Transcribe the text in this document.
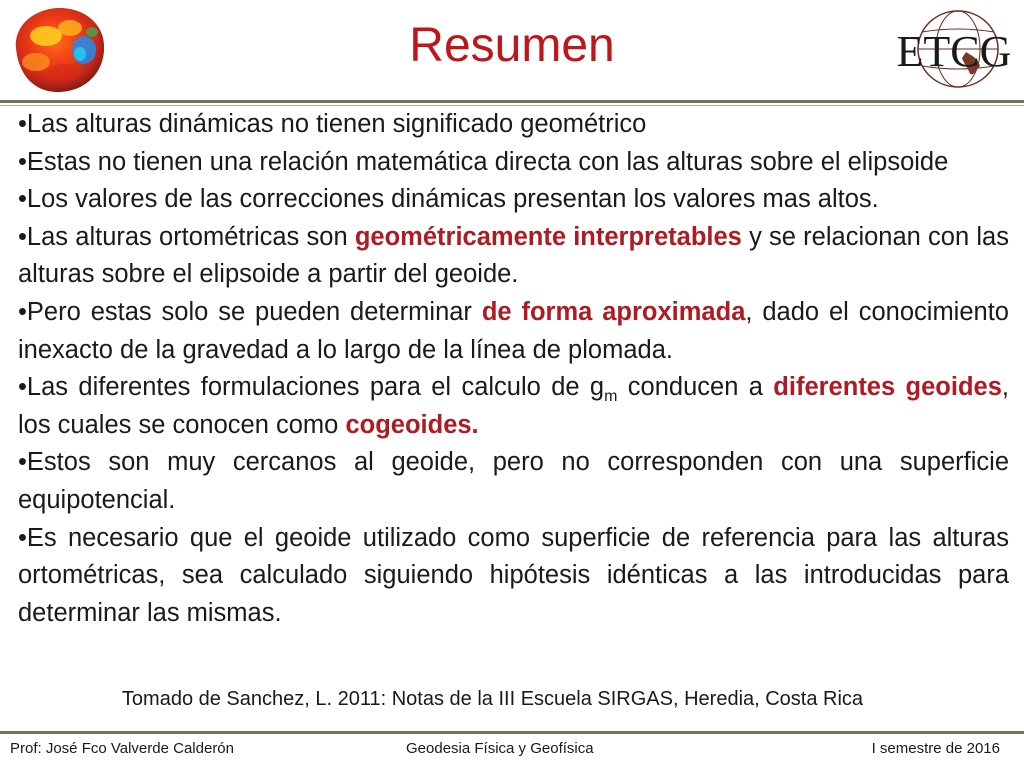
Resumen	ETCG

•Las alturas dinámicas no tienen significado geométrico

•Estas no tienen una relación matemática directa con las alturas sobre el elipsoide

•Los valores de las correcciones dinámicas presentan los valores mas altos.

•Las alturas ortométricas son geométricamente interpretables y se relacionan con las alturas sobre el elipsoide a partir del geoide.

•Pero estas solo se pueden determinar de forma aproximada, dado el conocimiento inexacto de la gravedad a lo largo de la línea de plomada.

•Las diferentes formulaciones para el calculo de $g_m$ conducen a diferentes geoides, los cuales se conocen como cogeoides.

•Estos son muy cercanos al geoide, pero no corresponden con una superficie equipotencial.

•Es necesario que el geoide utilizado como superficie de referencia para las alturas ortométricas, sea calculado siguiendo hipótesis idénticas a las introducidas para determinar las mismas.

Tomado de Sanchez, L. 2011: Notas de la III Escuela SIRGAS, Heredia, Costa Rica
Prof: José Fco Valverde Calderón	Geodesia Física y Geofísica	I semestre de 2016
